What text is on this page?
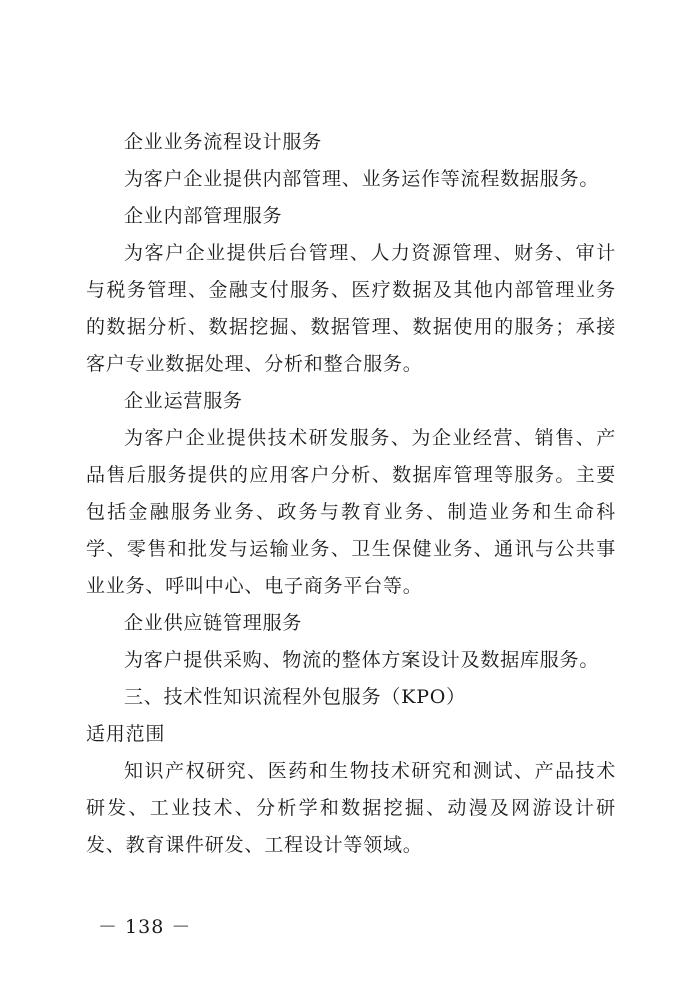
企业业务流程设计服务
为客户企业提供内部管理、业务运作等流程数据服务。
企业内部管理服务

为客户企业提供后台管理、人力资源管理、财务、审计与税务管理、金融支付服务、医疗数据及其他内部管理业务的数据分析、数据挖掘、数据管理、数据使用的服务；承接客户专业数据处理、分析和整合服务。

企业运营服务

为客户企业提供技术研发服务、为企业经营、销售、产品售后服务提供的应用客户分析、数据库管理等服务。主要包括金融服务业务、政务与教育业务、制造业务和生命科学、零售和批发与运输业务、卫生保健业务、通讯与公共事业业务、呼叫中心、电子商务平台等。

企业供应链管理服务
为客户提供采购、物流的整体方案设计及数据库服务。
三、技术性知识流程外包服务（KPO）
适用范围

知识产权研究、医药和生物技术研究和测试、产品技术研发、工业技术、分析学和数据挖掘、动漫及网游设计研发、教育课件研发、工程设计等领域。

－ 138 －
